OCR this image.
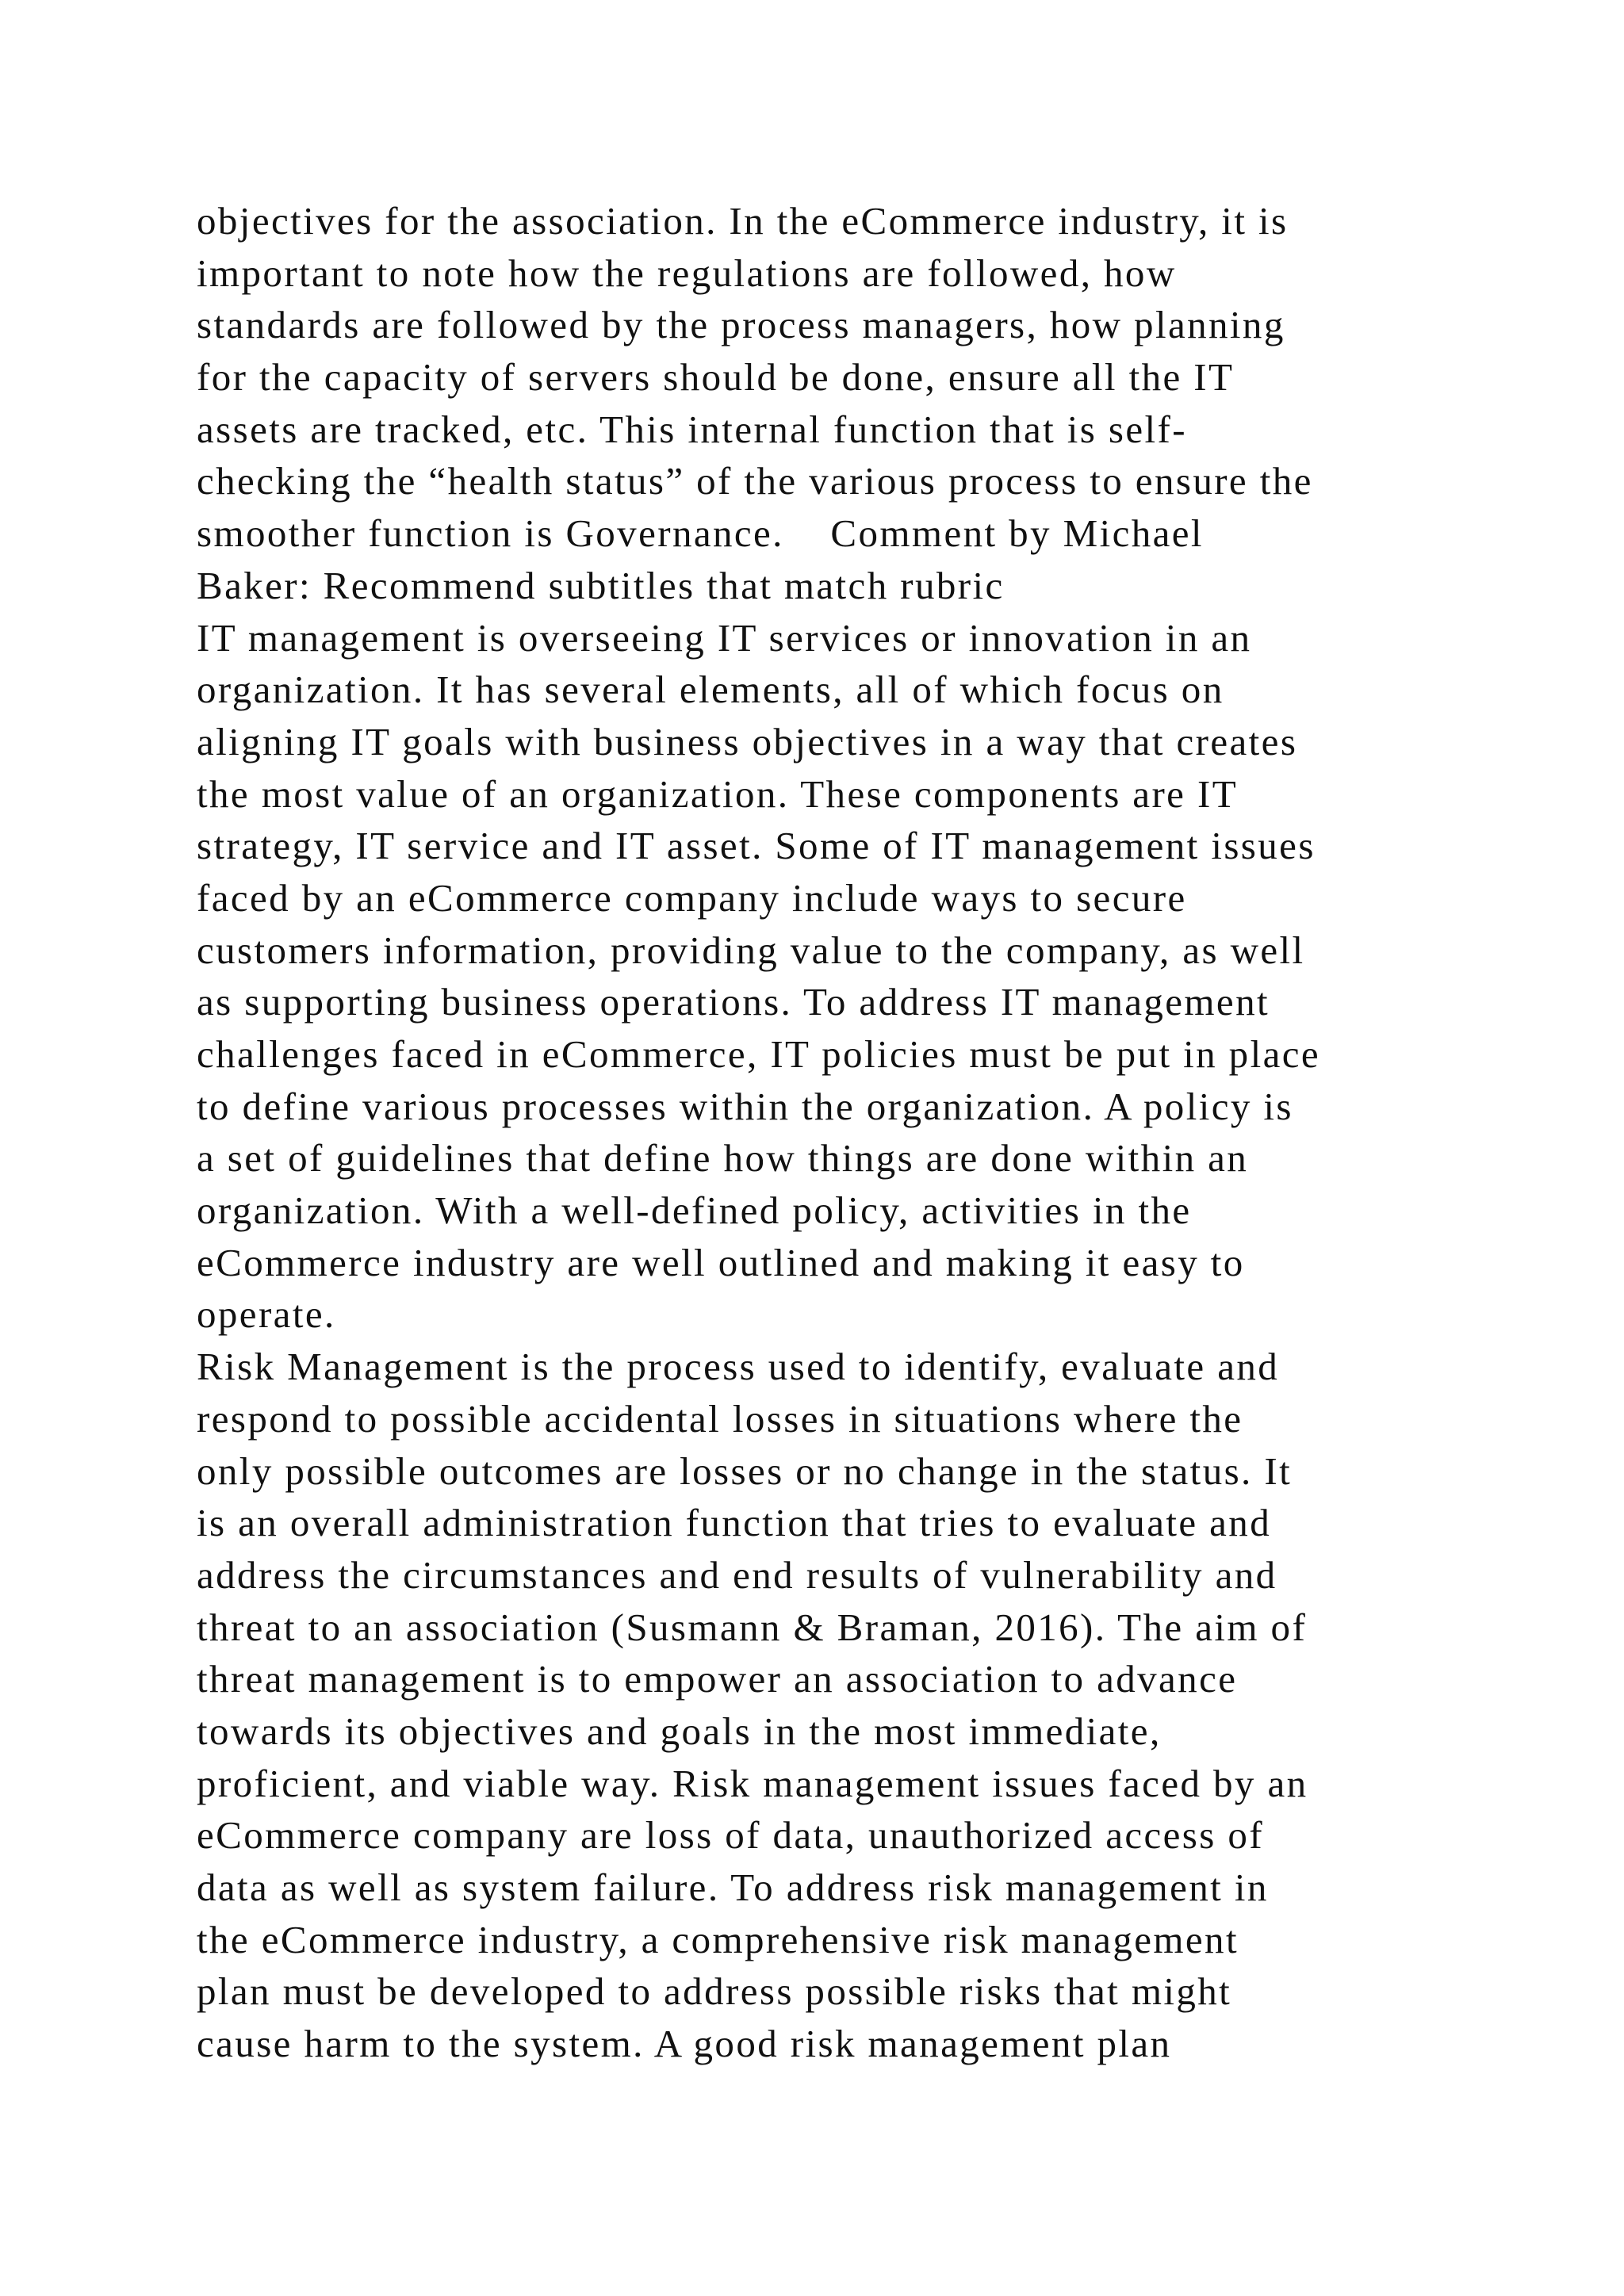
objectives for the association. In the eCommerce industry, it is
important to note how the regulations are followed, how
standards are followed by the process managers, how planning
for the capacity of servers should be done, ensure all the IT
assets are tracked, etc. This internal function that is self-
checking the “health status” of the various process to ensure the
smoother function is Governance.    Comment by Michael
Baker: Recommend subtitles that match rubric
IT management is overseeing IT services or innovation in an
organization. It has several elements, all of which focus on
aligning IT goals with business objectives in a way that creates
the most value of an organization. These components are IT
strategy, IT service and IT asset. Some of IT management issues
faced by an eCommerce company include ways to secure
customers information, providing value to the company, as well
as supporting business operations. To address IT management
challenges faced in eCommerce, IT policies must be put in place
to define various processes within the organization. A policy is
a set of guidelines that define how things are done within an
organization. With a well-defined policy, activities in the
eCommerce industry are well outlined and making it easy to
operate.
Risk Management is the process used to identify, evaluate and
respond to possible accidental losses in situations where the
only possible outcomes are losses or no change in the status. It
is an overall administration function that tries to evaluate and
address the circumstances and end results of vulnerability and
threat to an association (Susmann & Braman, 2016). The aim of
threat management is to empower an association to advance
towards its objectives and goals in the most immediate,
proficient, and viable way. Risk management issues faced by an
eCommerce company are loss of data, unauthorized access of
data as well as system failure. To address risk management in
the eCommerce industry, a comprehensive risk management
plan must be developed to address possible risks that might
cause harm to the system. A good risk management plan
